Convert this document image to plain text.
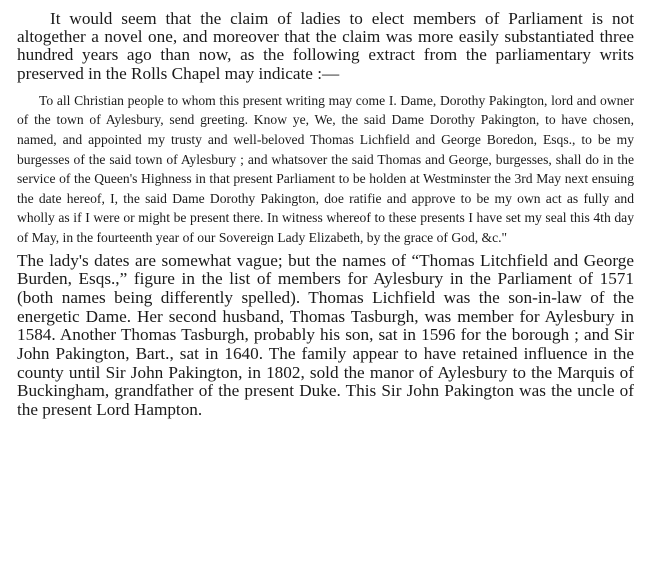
It would seem that the claim of ladies to elect members of Parliament is not altogether a novel one, and moreover that the claim was more easily substantiated three hundred years ago than now, as the following extract from the parliamentary writs preserved in the Rolls Chapel may indicate :—

To all Christian people to whom this present writing may come I. Dame, Dorothy Pakington, lord and owner of the town of Aylesbury, send greeting. Know ye, We, the said Dame Dorothy Pakington, to have chosen, named, and appointed my trusty and well-beloved Thomas Lichfield and George Boredon, Esqs., to be my burgesses of the said town of Aylesbury ; and whatsover the said Thomas and George, burgesses, shall do in the service of the Queen's Highness in that present Parliament to be holden at Westminster the 3rd May next ensuing the date hereof, I, the said Dame Dorothy Pakington, doe ratifie and approve to be my own act as fully and wholly as if I were or might be present there. In witness whereof to these presents I have set my seal this 4th day of May, in the fourteenth year of our Sovereign Lady Elizabeth, by the grace of God, &c."

The lady's dates are somewhat vague; but the names of “Thomas Litchfield and George Burden, Esqs.,” figure in the list of members for Aylesbury in the Parliament of 1571 (both names being differently spelled). Thomas Lichfield was the son-in-law of the energetic Dame. Her second husband, Thomas Tasburgh, was member for Aylesbury in 1584. Another Thomas Tasburgh, probably his son, sat in 1596 for the borough ; and Sir John Pakington, Bart., sat in 1640. The family appear to have retained influence in the county until Sir John Pakington, in 1802, sold the manor of Aylesbury to the Marquis of Buckingham, grandfather of the present Duke. This Sir John Pakington was the uncle of the present Lord Hampton.
